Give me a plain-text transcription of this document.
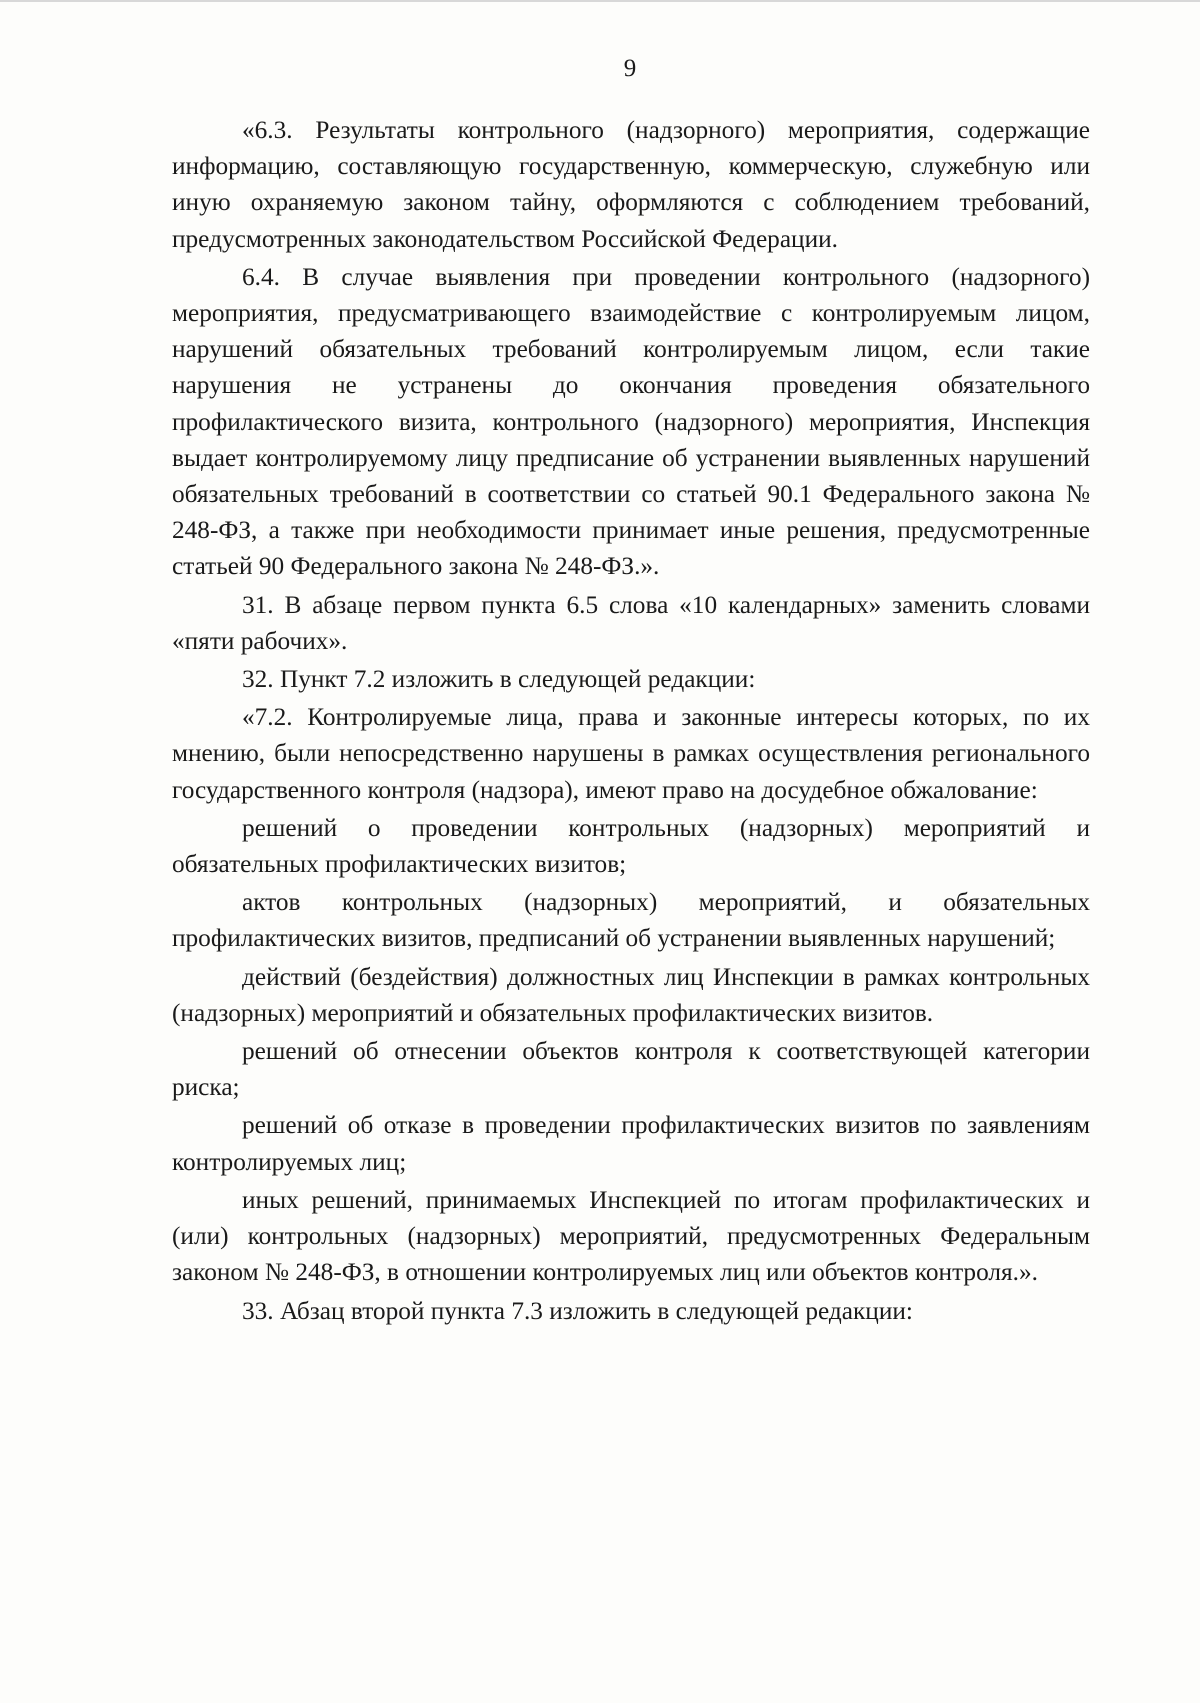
9

«6.3. Результаты контрольного (надзорного) мероприятия, содержащие информацию, составляющую государственную, коммерческую, служебную или иную охраняемую законом тайну, оформляются с соблюдением требований, предусмотренных законодательством Российской Федерации.

6.4. В случае выявления при проведении контрольного (надзорного) мероприятия, предусматривающего взаимодействие с контролируемым лицом, нарушений обязательных требований контролируемым лицом, если такие нарушения не устранены до окончания проведения обязательного профилактического визита, контрольного (надзорного) мероприятия, Инспекция выдает контролируемому лицу предписание об устранении выявленных нарушений обязательных требований в соответствии со статьей 90.1 Федерального закона № 248-ФЗ, а также при необходимости принимает иные решения, предусмотренные статьей 90 Федерального закона № 248-ФЗ.».

31. В абзаце первом пункта 6.5 слова «10 календарных» заменить словами «пяти рабочих».

32. Пункт 7.2 изложить в следующей редакции:

«7.2. Контролируемые лица, права и законные интересы которых, по их мнению, были непосредственно нарушены в рамках осуществления регионального государственного контроля (надзора), имеют право на досудебное обжалование:

решений о проведении контрольных (надзорных) мероприятий и обязательных профилактических визитов;

актов контрольных (надзорных) мероприятий, и обязательных профилактических визитов, предписаний об устранении выявленных нарушений;

действий (бездействия) должностных лиц Инспекции в рамках контрольных (надзорных) мероприятий и обязательных профилактических визитов.

решений об отнесении объектов контроля к соответствующей категории риска;

решений об отказе в проведении профилактических визитов по заявлениям контролируемых лиц;

иных решений, принимаемых Инспекцией по итогам профилактических и (или) контрольных (надзорных) мероприятий, предусмотренных Федеральным законом № 248-ФЗ, в отношении контролируемых лиц или объектов контроля.».

33. Абзац второй пункта 7.3 изложить в следующей редакции:
